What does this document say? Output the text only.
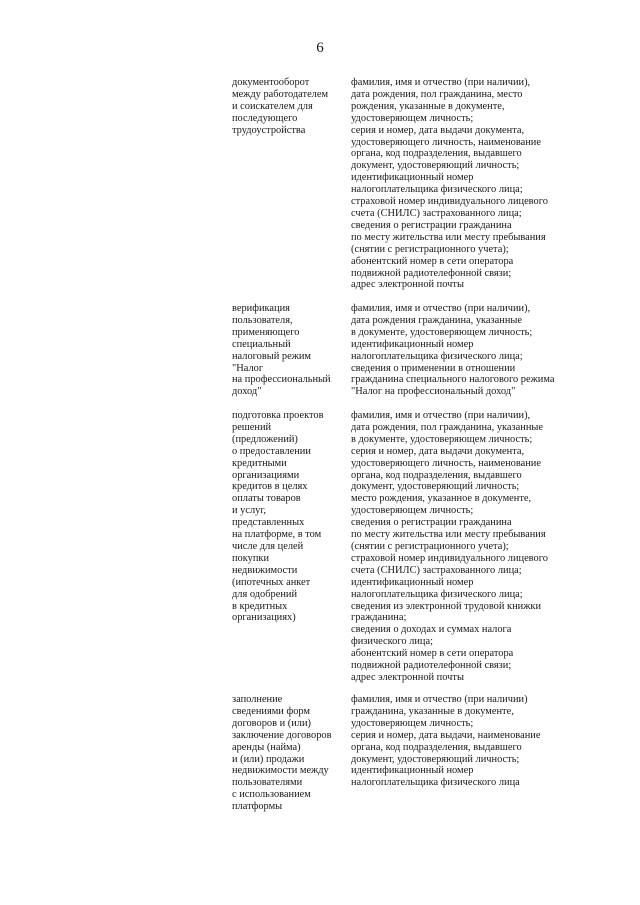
6
документооборот
между работодателем
и соискателем для
последующего
трудоустройства
фамилия, имя и отчество (при наличии),
дата рождения, пол гражданина, место
рождения, указанные в документе,
удостоверяющем личность;
серия и номер, дата выдачи документа,
удостоверяющего личность, наименование
органа, код подразделения, выдавшего
документ, удостоверяющий личность;
идентификационный номер
налогоплательщика физического лица;
страховой номер индивидуального лицевого
счета (СНИЛС) застрахованного лица;
сведения о регистрации гражданина
по месту жительства или месту пребывания
(снятии с регистрационного учета);
абонентский номер в сети оператора
подвижной радиотелефонной связи;
адрес электронной почты
верификация
пользователя,
применяющего
специальный
налоговый режим
"Налог
на профессиональный
доход"
фамилия, имя и отчество (при наличии),
дата рождения гражданина, указанные
в документе, удостоверяющем личность;
идентификационный номер
налогоплательщика физического лица;
сведения о применении в отношении
гражданина специального налогового режима
"Налог на профессиональный доход"
подготовка проектов
решений
(предложений)
о предоставлении
кредитными
организациями
кредитов в целях
оплаты товаров
и услуг,
представленных
на платформе, в том
числе для целей
покупки
недвижимости
(ипотечных анкет
для одобрений
в кредитных
организациях)
фамилия, имя и отчество (при наличии),
дата рождения, пол гражданина, указанные
в документе, удостоверяющем личность;
серия и номер, дата выдачи документа,
удостоверяющего личность, наименование
органа, код подразделения, выдавшего
документ, удостоверяющий личность;
место рождения, указанное в документе,
удостоверяющем личность;
сведения о регистрации гражданина
по месту жительства или месту пребывания
(снятии с регистрационного учета);
страховой номер индивидуального лицевого
счета (СНИЛС) застрахованного лица;
идентификационный номер
налогоплательщика физического лица;
сведения из электронной трудовой книжки
гражданина;
сведения о доходах и суммах налога
физического лица;
абонентский номер в сети оператора
подвижной радиотелефонной связи;
адрес электронной почты
заполнение
сведениями форм
договоров и (или)
заключение договоров
аренды (найма)
и (или) продажи
недвижимости между
пользователями
с использованием
платформы
фамилия, имя и отчество (при наличии)
гражданина, указанные в документе,
удостоверяющем личность;
серия и номер, дата выдачи, наименование
органа, код подразделения, выдавшего
документ, удостоверяющий личность;
идентификационный номер
налогоплательщика физического лица
